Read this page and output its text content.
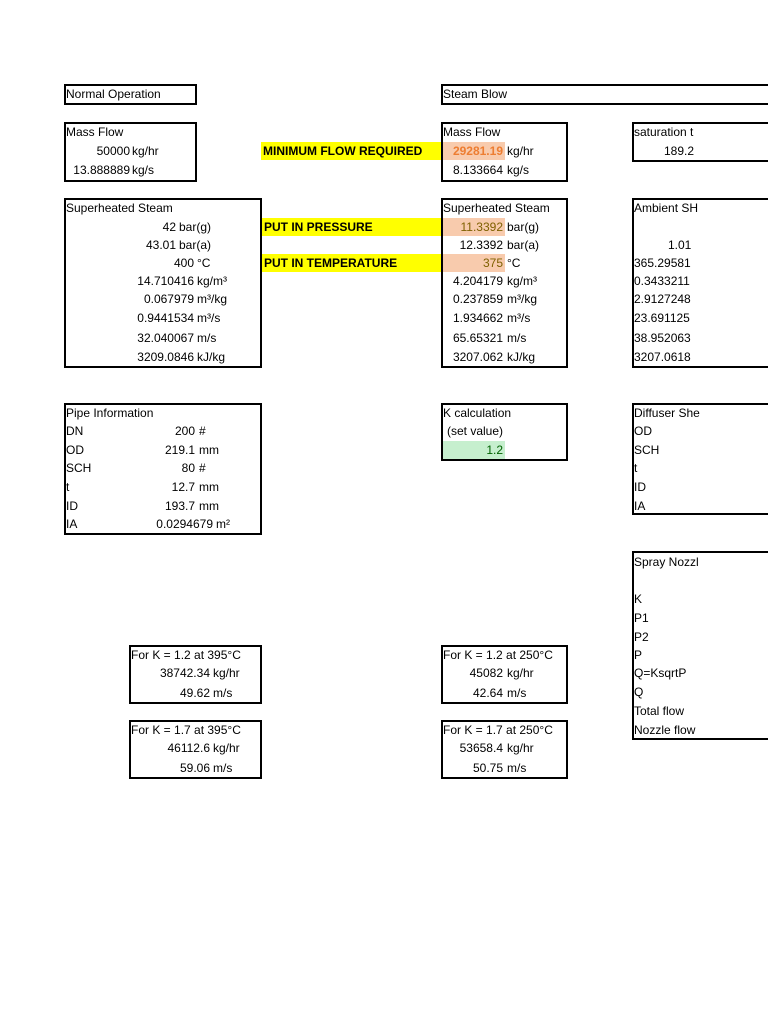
Normal Operation	Steam Blow
Mass Flow
50000 kg/hr
13.888889 kg/s
MINIMUM FLOW REQUIRED
Mass Flow
29281.19 kg/hr
8.133664 kg/s
saturation t
189.2
Superheated Steam
42 bar(g)
43.01 bar(a)
400 °C
14.710416 kg/m³
0.067979 m³/kg
0.9441534 m³/s
32.040067 m/s
3209.0846 kJ/kg
PUT IN PRESSURE
PUT IN TEMPERATURE
Superheated Steam
11.3392 bar(g)
12.3392 bar(a)
375 °C
4.204179 kg/m³
0.237859 m³/kg
1.934662 m³/s
65.65321 m/s
3207.062 kJ/kg
Ambient SH
1.01
365.29581
0.3433211
2.9127248
23.691125
38.952063
3207.0618
Pipe Information
DN	200 #
OD	219.1 mm
SCH	80 #
t	12.7 mm
ID	193.7 mm
IA	0.0294679 m²
K calculation
(set value)
1.2
Diffuser She
OD
SCH
t
ID
IA
Spray Nozzl
K
P1
P2
P
Q=KsqrtP
Q
Total flow
Nozzle flow
For K = 1.2 at 395°C
38742.34 kg/hr
49.62 m/s
For K = 1.2 at 250°C
45082 kg/hr
42.64 m/s
For K = 1.7 at 395°C
46112.6 kg/hr
59.06 m/s
For K = 1.7 at 250°C
53658.4 kg/hr
50.75 m/s
